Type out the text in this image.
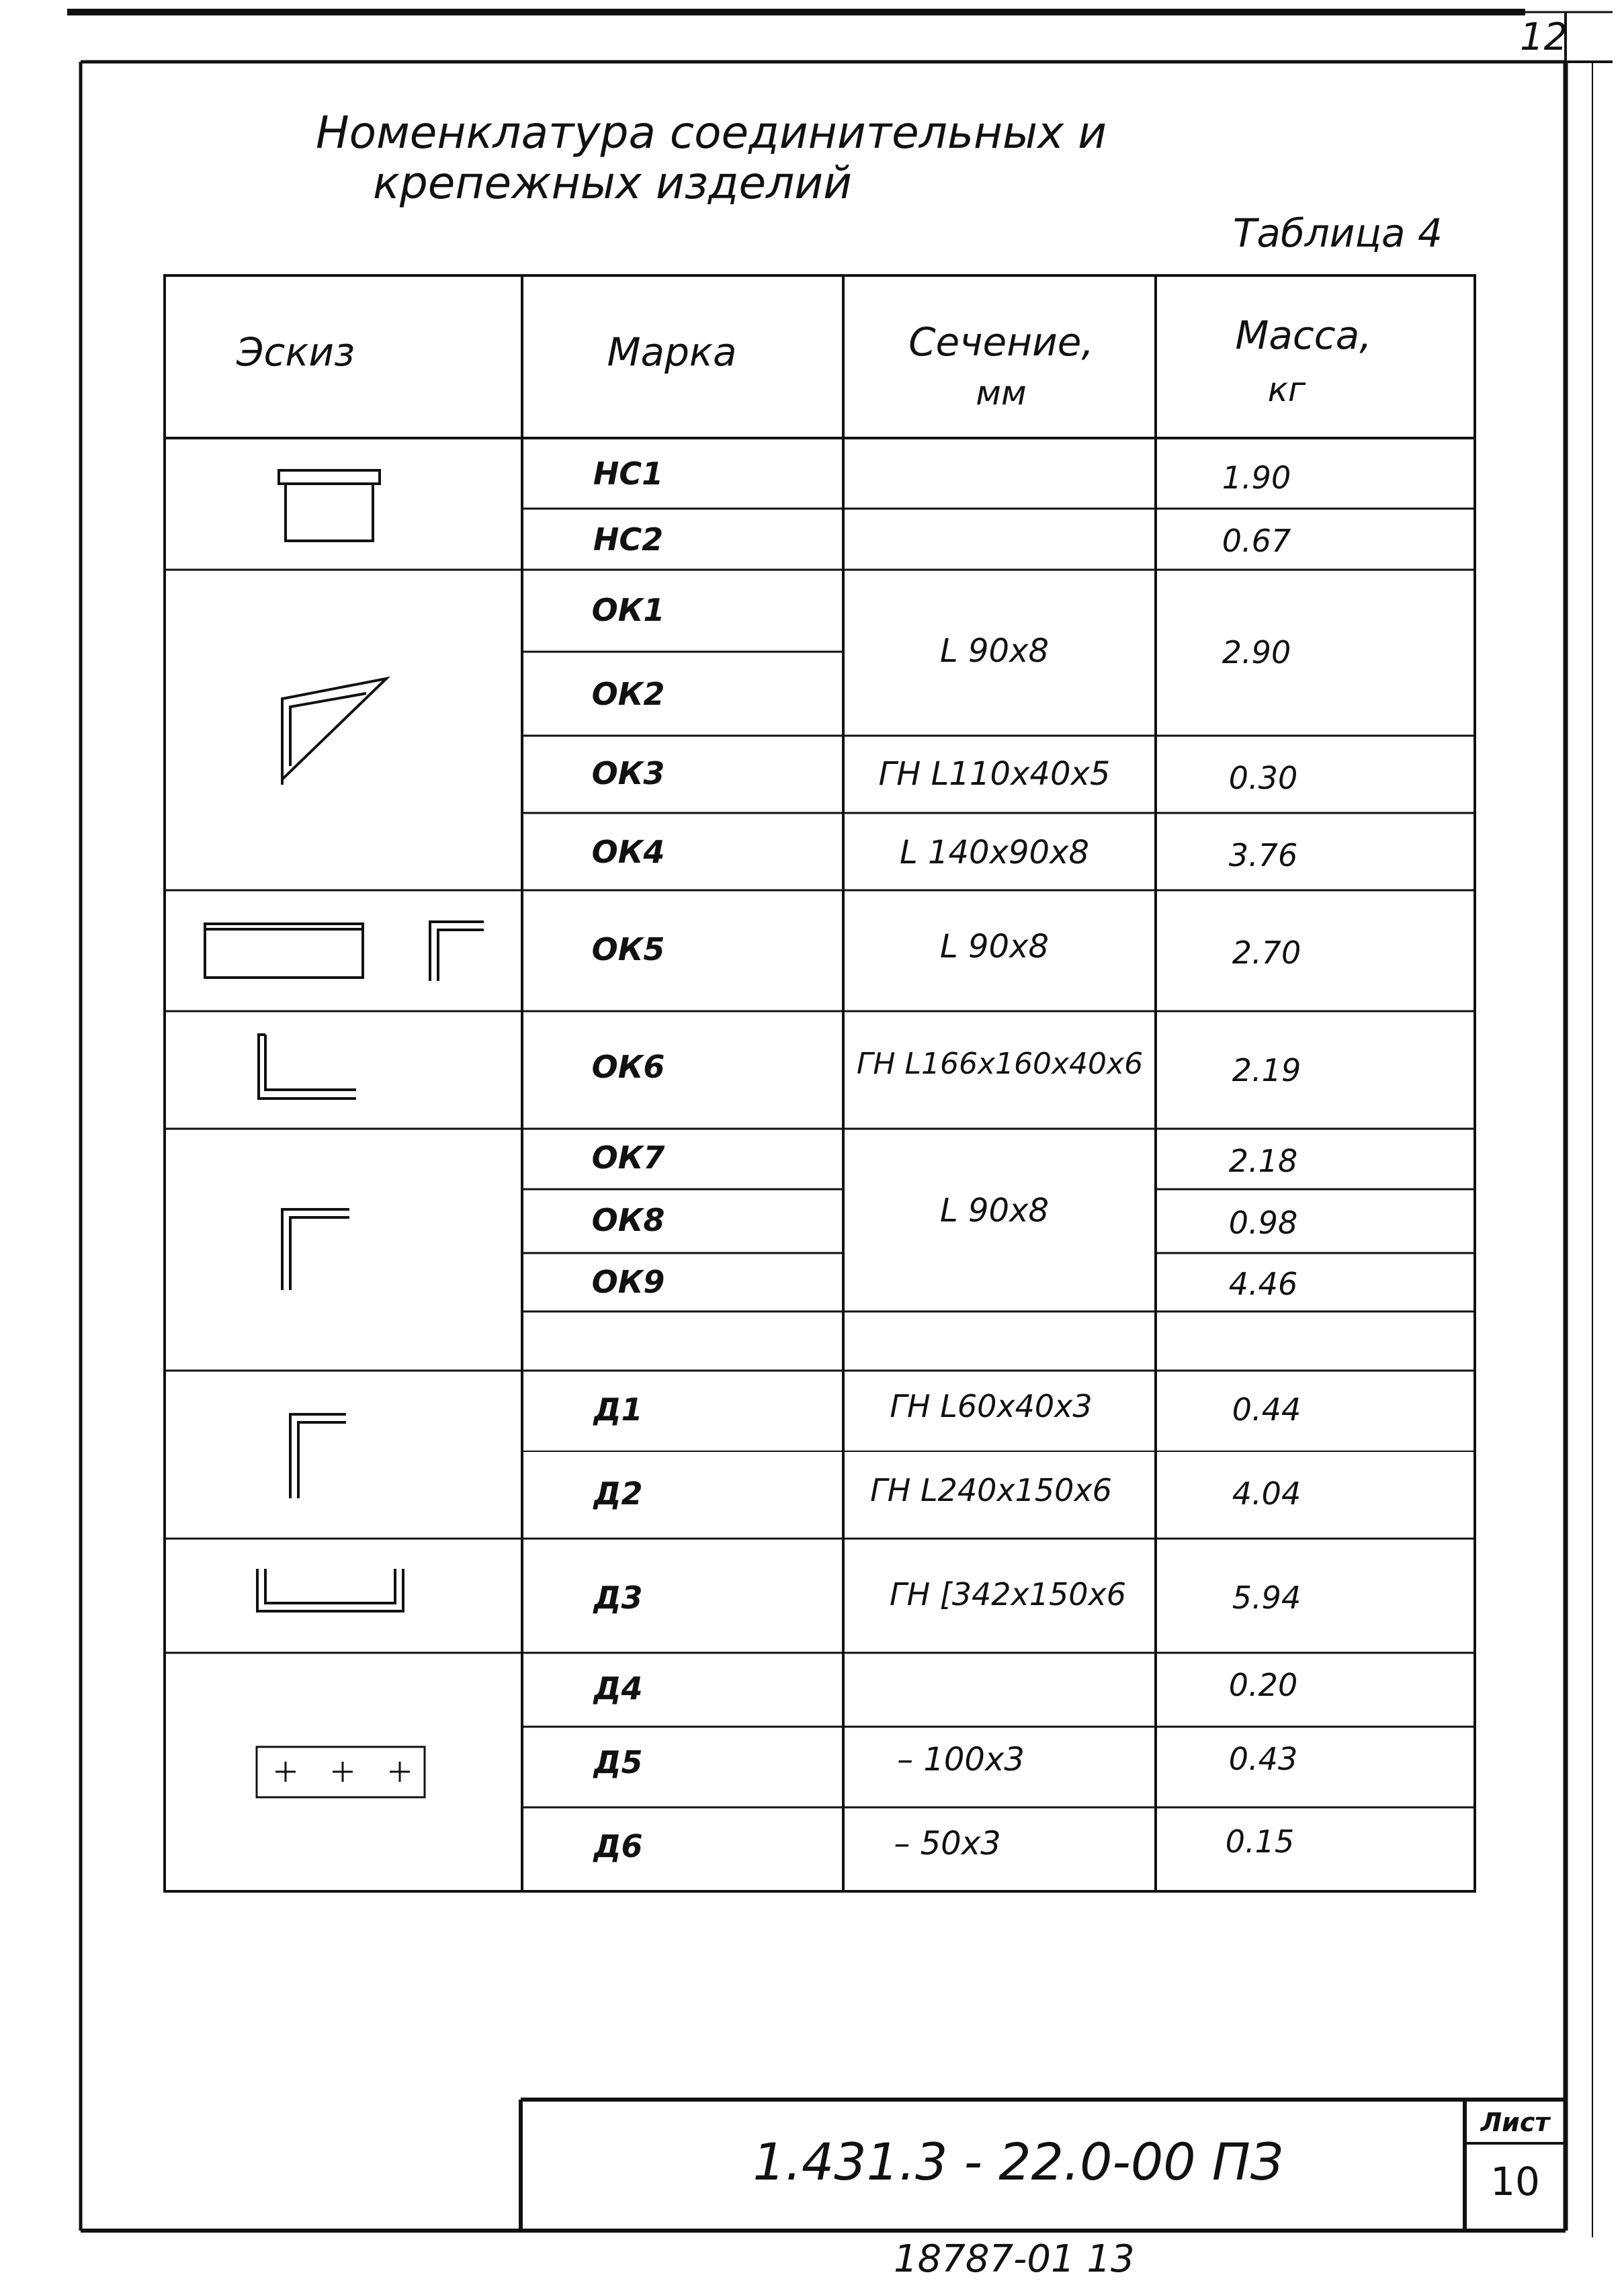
12
Номенклатура соединительных и
крепежных изделий
Таблица 4
Эскиз	Марка	Сечение,
мм
Масса,
кг
НС1
НС2
ОК1
ОК2
ОК3
ОК4
ОК5
ОК6
ОК7
ОК8
ОК9
Д1
Д2
Д3
Д4
Д5
Д6
L 90x8
ГН L110x40x5
L 140x90x8
L 90x8
ГН L166x160x40x6
L 90x8
ГН L60x40x3
ГН L240x150x6
ГН [342x150x6
– 100x3
– 50x3
1.90
0.67
2.90
0.30
3.76
2.70
2.19
2.18
0.98
4.46
0.44
4.04
5.94
0.20
0.43
0.15
1.431.3 - 22.0-00 ПЗ
Лист
10
18787-01 13
